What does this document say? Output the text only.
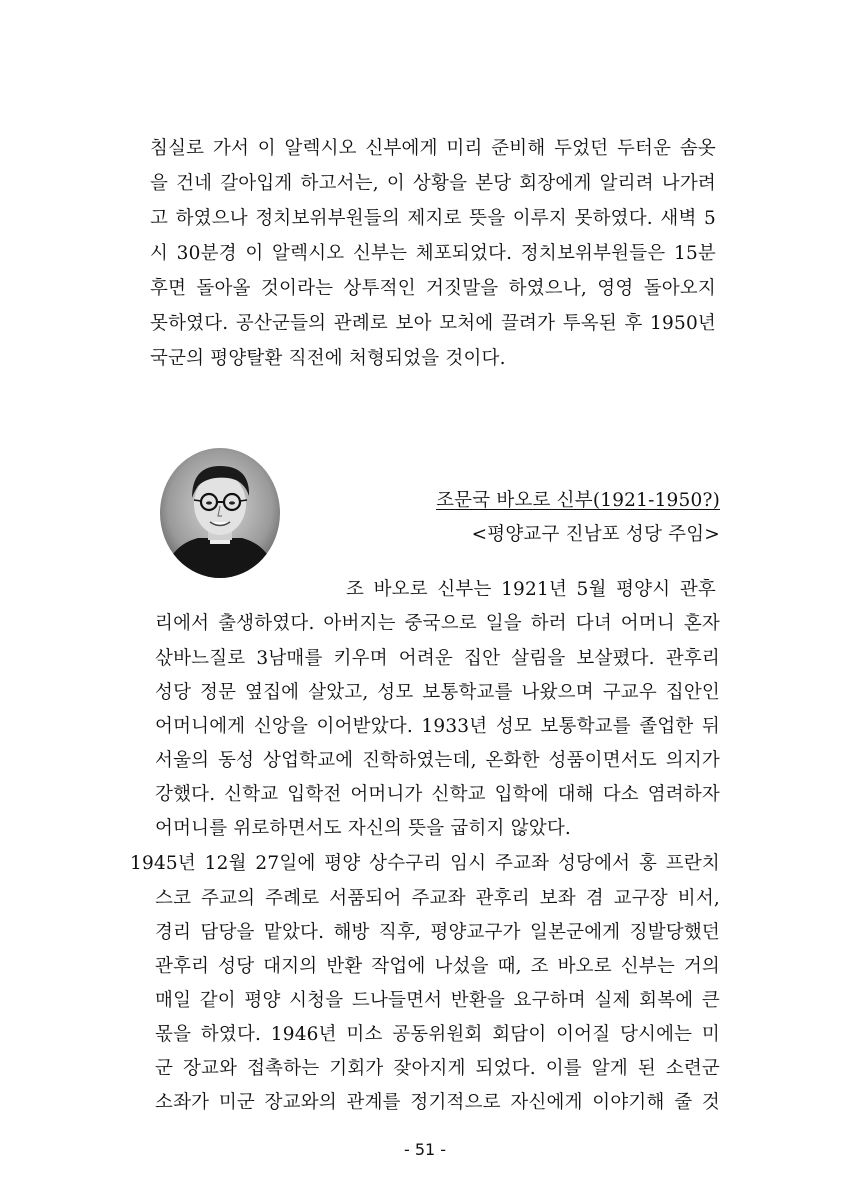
침실로 가서 이 알렉시오 신부에게 미리 준비해 두었던 두터운 솜옷
을 건네 갈아입게 하고서는, 이 상황을 본당 회장에게 알리려 나가려
고 하였으나 정치보위부원들의 제지로 뜻을 이루지 못하였다. 새벽 5
시 30분경 이 알렉시오 신부는 체포되었다. 정치보위부원들은 15분
후면 돌아올 것이라는 상투적인 거짓말을 하였으나, 영영 돌아오지
못하였다. 공산군들의 관례로 보아 모처에 끌려가 투옥된 후 1950년
국군의 평양탈환 직전에 처형되었을 것이다.
조문국 바오로 신부(1921-1950?)
<평양교구 진남포 성당 주임>
조 바오로 신부는 1921년 5월 평양시 관후
리에서 출생하였다. 아버지는 중국으로 일을 하러 다녀 어머니 혼자
삯바느질로 3남매를 키우며 어려운 집안 살림을 보살폈다. 관후리
성당 정문 옆집에 살았고, 성모 보통학교를 나왔으며 구교우 집안인
어머니에게 신앙을 이어받았다. 1933년 성모 보통학교를 졸업한 뒤
서울의 동성 상업학교에 진학하였는데, 온화한 성품이면서도 의지가
강했다. 신학교 입학전 어머니가 신학교 입학에 대해 다소 염려하자
어머니를 위로하면서도 자신의 뜻을 굽히지 않았다.
1945년 12월 27일에 평양 상수구리 임시 주교좌 성당에서 홍 프란치
스코 주교의 주례로 서품되어 주교좌 관후리 보좌 겸 교구장 비서,
경리 담당을 맡았다. 해방 직후, 평양교구가 일본군에게 징발당했던
관후리 성당 대지의 반환 작업에 나섰을 때, 조 바오로 신부는 거의
매일 같이 평양 시청을 드나들면서 반환을 요구하며 실제 회복에 큰
몫을 하였다. 1946년 미소 공동위원회 회담이 이어질 당시에는 미
군 장교와 접촉하는 기회가 잦아지게 되었다. 이를 알게 된 소련군
소좌가 미군 장교와의 관계를 정기적으로 자신에게 이야기해 줄 것
- 51 -
